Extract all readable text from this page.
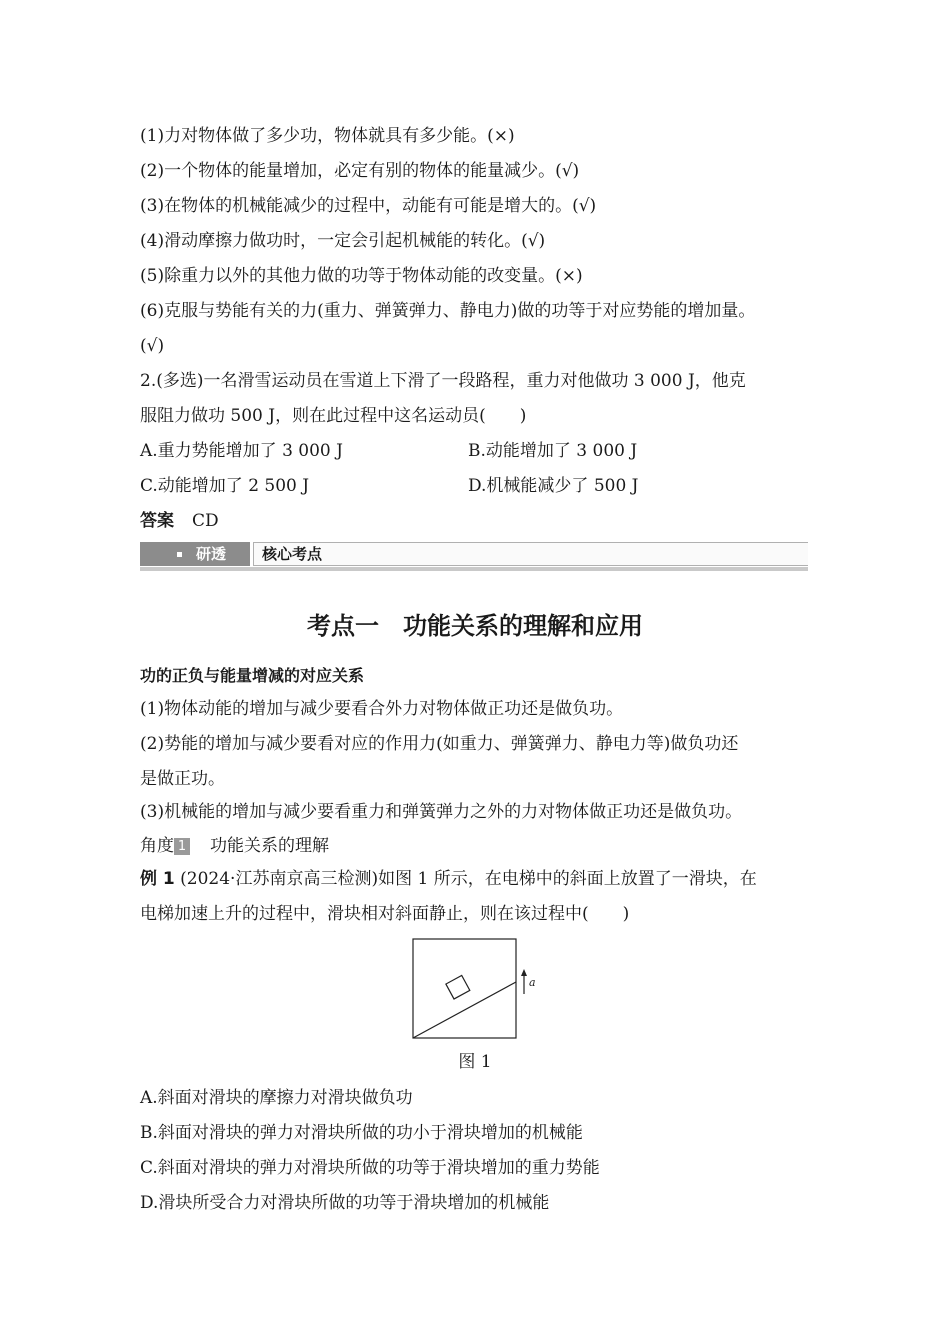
(1)力对物体做了多少功，物体就具有多少能。(×)
(2)一个物体的能量增加，必定有别的物体的能量减少。(√)
(3)在物体的机械能减少的过程中，动能有可能是增大的。(√)
(4)滑动摩擦力做功时，一定会引起机械能的转化。(√)
(5)除重力以外的其他力做的功等于物体动能的改变量。(×)
(6)克服与势能有关的力(重力、弹簧弹力、静电力)做的功等于对应势能的增加量。
(√)
2.(多选)一名滑雪运动员在雪道上下滑了一段路程，重力对他做功 3 000 J，他克
服阻力做功 500 J，则在此过程中这名运动员(　　)
A.重力势能增加了 3 000 J	B.动能增加了 3 000 J
C.动能增加了 2 500 J	D.机械能减少了 500 J
答案 CD
研透	核心考点
考点一　功能关系的理解和应用
功的正负与能量增减的对应关系
(1)物体动能的增加与减少要看合外力对物体做正功还是做负功。
(2)势能的增加与减少要看对应的作用力(如重力、弹簧弹力、静电力等)做负功还
是做正功。
(3)机械能的增加与减少要看重力和弹簧弹力之外的力对物体做正功还是做负功。
角度 1 功能关系的理解
例 1 (2024·江苏南京高三检测)如图 1 所示，在电梯中的斜面上放置了一滑块，在
电梯加速上升的过程中，滑块相对斜面静止，则在该过程中(　　)
a
图 1
A.斜面对滑块的摩擦力对滑块做负功
B.斜面对滑块的弹力对滑块所做的功小于滑块增加的机械能
C.斜面对滑块的弹力对滑块所做的功等于滑块增加的重力势能
D.滑块所受合力对滑块所做的功等于滑块增加的机械能
